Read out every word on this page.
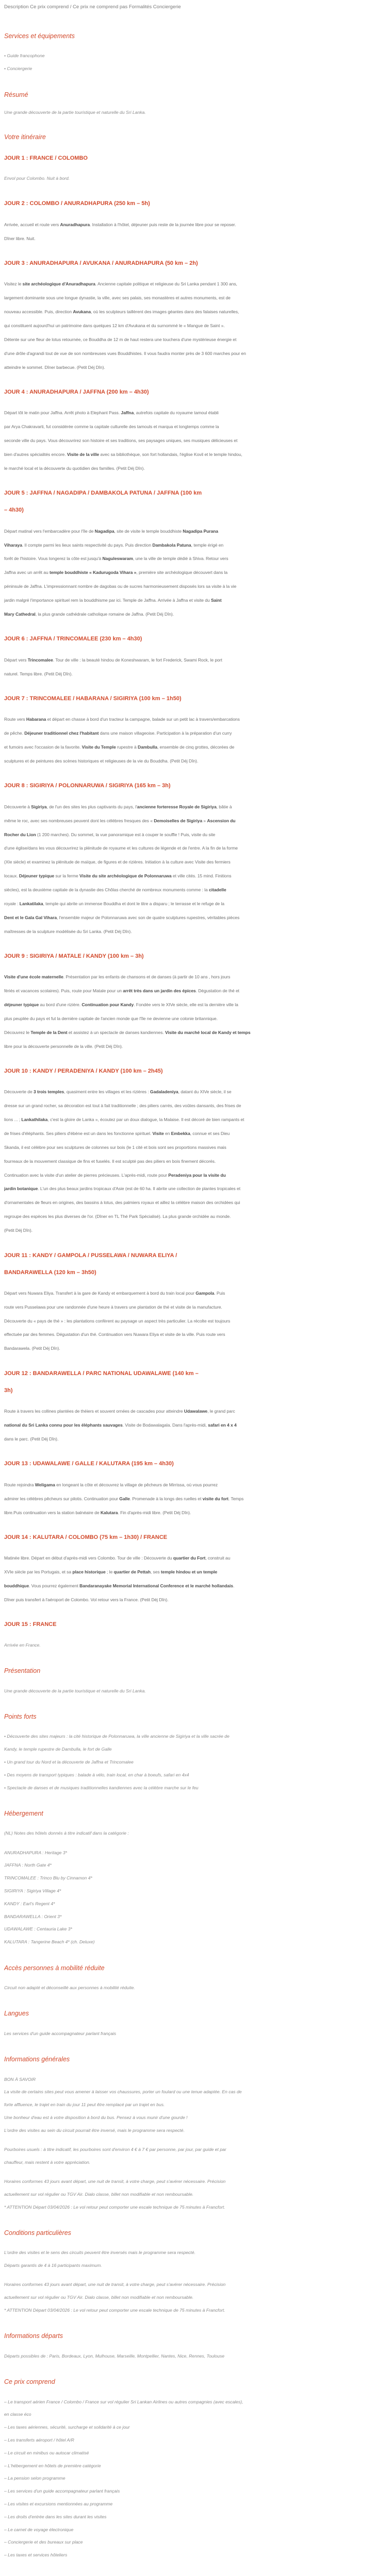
Description Ce prix comprend / Ce prix ne comprend pas Formalités Conciergerie
Services et équipements
• Guide francophone
• Conciergerie
Résumé
Une grande découverte de la partie touristique et naturelle du Sri Lanka.
Votre itinéraire
JOUR 1 : FRANCE / COLOMBO
Envol pour Colombo. Nuit à bord.
JOUR 2 : COLOMBO / ANURADHAPURA (250 km – 5h)
Arrivée, accueil et route vers Anuradhapura. Installation à l'hôtel, déjeuner puis reste de la journée libre pour se reposer.
Dîner libre. Nuit.
JOUR 3 : ANURADHAPURA / AVUKANA / ANURADHAPURA (50 km – 2h)
Visitez le site archéologique d'Anuradhapura. Ancienne capitale politique et religieuse du Sri Lanka pendant 1 300 ans,
largement dominante sous une longue dynastie, la ville, avec ses palais, ses monastères et autres monuments, est de
nouveau accessible. Puis, direction Avukana, où les sculpteurs taillèrent des images géantes dans des falaises naturelles,
qui constituent aujourd'hui un patrimoine dans quelques 12 km d'Avukana et du surnommé le « Mangue de Saint ».
Détente sur une fleur de lotus retournée, ce Bouddha de 12 m de haut restera une touchera d'une mystérieuse énergie et
d'une drôle d'agrandi tout de vue de son nombreuses vues Bouddhistes. Il vous faudra monter près de 3 600 marches pour en
atteindre le sommet. Dîner barbecue. (Petit Déj Dîn).
JOUR 4 : ANURADHAPURA / JAFFNA (200 km – 4h30)
Départ tôt le matin pour Jaffna. Arrêt photo à Elephant Pass. Jaffna, autrefois capitale du royaume tamoul établi
par Arya Chakravarti, fut considérée comme la capitale culturelle des tamouls et marqua et longtemps comme la
seconde ville du pays. Vous découvrirez son histoire et ses traditions, ses paysages uniques, ses musiques délicieuses et
bien d'autres spécialités encore. Visite de la ville avec sa bibliothèque, son fort hollandais, l'église Kovil et le temple hindou,
le marché local et la découverte du quotidien des familles. (Petit Déj Dîn).
JOUR 5 : JAFFNA / NAGADIPA / DAMBAKOLA PATUNA / JAFFNA (100 km
– 4h30)
Départ matinal vers l'embarcadère pour l'île de Nagadipa, site de visite le temple bouddhiste Nagadipa Purana
Viharaya. Il compte parmi les lieux saints respectivité du pays. Puis direction Dambakola Patuna, temple érigé en
forêt de l'histoire. Vous longerez la côte est jusqu'à Naguleswaram, une la ville de temple dédié à Shiva. Retour vers
Jaffna avec un arrêt au temple bouddhiste « Kadurugoda Vihara », première site archéologique découvert dans la
péninsule de Jaffna. L'impressionnant nombre de dagobas ou de sucres harmonieusement disposés lors sa visite à la vie
jardin malgré l'importance spirituel rem la bouddhisme par ici. Temple de Jaffna. Arrivée à Jaffna et visite du Saint
Mary Cathedral, la plus grande cathédrale catholique romaine de Jaffna. (Petit Déj Dîn).
JOUR 6 : JAFFNA / TRINCOMALEE (230 km – 4h30)
Départ vers Trincomalee. Tour de ville : la beauté hindou de Koneshwaram, le fort Frederick, Swami Rock, le port
naturel. Temps libre. (Petit Déj Dîn).
JOUR 7 : TRINCOMALEE / HABARANA / SIGIRIYA (100 km – 1h50)
Route vers Habarana et départ en chasse à bord d'un tracteur la campagne, balade sur un petit lac à travers/embarcations
de pêche. Déjeuner traditionnel chez l'habitant dans une maison villageoise. Participation à la préparation d'un curry
et fumoirs avec l'occasion de la favorite. Visite du Temple rupestre à Dambulla, ensemble de cinq grottes, décorées de
sculptures et de peintures des scènes historiques et religieuses de la vie du Bouddha. (Petit Déj Dîn).
JOUR 8 : SIGIRIYA / POLONNARUWA / SIGIRIYA (165 km – 3h)
Découverte à Sigiriya, de l'un des sites les plus captivants du pays, l'ancienne forteresse Royale de Sigiriya, bâtie à
même le roc, avec ses nombreuses peuvent dont les célèbres fresques des « Demoiselles de Sigiriya » Ascension du
Rocher du Lion (1 200 marches). Du sommet, la vue panoramique est à couper le souffle ! Puis, visite du site
d'une église/dans les vous découvrirez la plénitude de royaume et les cultures de légende et de l'entre. A la fin de la forme
(XIe siècle) et examinez la plénitude de maïque, de figures et de rizières. Initiation à la culture avec Visite des fermiers
locaux. Déjeuner typique sur la ferme Visite du site archéologique de Polonnaruwa et ville cités. 15 mind. Finitions
siècles), est la deuxième capitale de la dynastie des Chôlas cherché de nombreux monuments comme : la citadelle
royale : Lankatilaka, temple qui abrite un immense Bouddha et dont le titre a disparu ; le terrasse et le refuge de la
Dent et le Gala Gal Vihara, l'ensemble majeur de Polonnaruwa avec son de quatre sculptures rupestres, véritables pièces
maîtresses de la sculpture modélisée du Sri Lanka. (Petit Déj Dîn).
JOUR 9 : SIGIRIYA / MATALE / KANDY (100 km – 3h)
Visite d'une école maternelle. Présentation par les enfants de chansons et de danses (à partir de 10 ans , hors jours
fériés et vacances scolaires). Puis, route pour Matale pour un arrêt très dans un jardin des épices. Dégustation de thé et
déjeuner typique au bord d'une rizière. Continuation pour Kandy. Fondée vers le XIVe siècle, elle est la dernière ville la
plus peuplée du pays et fut la dernière capitale de l'ancien monde que l'île ne devienne une colonie britannique.
Découvrez le Temple de la Dent et assistez à un spectacle de danses kandiennes. Visite du marché local de Kandy et temps
libre pour la découverte personnelle de la ville. (Petit Déj Dîn).
JOUR 10 : KANDY / PERADENIYA / KANDY (100 km – 2h45)
Découverte de 3 trois temples, quasiment entre les villages et les rizières : Gadaladeniya, datant du XIVe siècle, il se
dresse sur un grand rocher, sa décoration est tout à fait traditionnelle ; des piliers carrés, des voûtes dansants, des frises de
lions ... ; Lankathilaka, c'est la gloire de Lanka », écoutez par un doux dialogue, la Malaise. Il est décoré de bien rampants et
de frises d'éléphants. Ses piliers d'ébène est un dans les fonctionne spirituel. Visite en Embekka, connue et ses Dieu
Skanda, il est célèbre pour ses sculptures de colonnes sur bois (le 1 cité et bois sont ses proportions massives mais
fourreaux de la mouvement classique de fins et fuselés. Il est sculpté pas des piliers en bois finement décorés.
Continuation avec la visite d'un atelier de pierres précieuses. L'après-midi, route pour Peradeniya pour la visite du
jardin botanique. L'un des plus beaux jardins tropicaux d'Asie (est de 60 ha. Il abrite une collection de plantes tropicales et
d'ornamentales de fleurs en origines, des bassins à lotus, des palmiers royaux et aillez la célèbre maison des orchidées qui
regroupe des espèces les plus diverses de l'or. (Dîner en TL Thé Park Spécialisé). La plus grande orchidée au monde.
(Petit Déj Dîn).
JOUR 11 : KANDY / GAMPOLA / PUSSELAWA / NUWARA ELIYA /
BANDARAWELLA (120 km – 3h50)
Départ vers Nuwara Eliya. Transfert à la gare de Kandy et embarquement à bord du train local pour Gampola. Puis
route vers Pusselawa pour une randonnée d'une heure à travers une plantation de thé et visite de la manufacture.
Découverte du « pays de thé » : les plantations confèrent au paysage un aspect très particulier. La récolte est toujours
effectuée par des femmes. Dégustation d'un thé. Continuation vers Nuwara Eliya et visite de la ville. Puis route vers
Bandarawela. (Petit Déj Dîn).
JOUR 12 : BANDARAWELLA / PARC NATIONAL UDAWALAWE (140 km –
3h)
Route à travers les collines plantées de théiers et souvent ornées de cascades pour atteindre Udawalawe, le grand parc
national du Sri Lanka connu pour les éléphants sauvages. Visite de Bodawalagala. Dans l'après-midi, safari en 4 x 4
dans le parc. (Petit Déj Dîn).
JOUR 13 : UDAWALAWE / GALLE / KALUTARA (195 km – 4h30)
Route rejoindra Weligama en longeant la côte et découvrez la village de pêcheurs de Mirrissa, où vous pourrez
admirer les célèbres pêcheurs sur pilotis. Continuation pour Galle. Promenade à la longs des ruelles et visite du fort. Temps
libre.Puis continuation vers la station balnéaire de Kalutara. Fin d'après-midi libre. (Petit Déj Dîn).
JOUR 14 : KALUTARA / COLOMBO (75 km – 1h30) / FRANCE
Matinée libre. Départ en début d'après-midi vers Colombo. Tour de ville : Découverte du quartier du Fort, construit au
XVIe siècle par les Portugais, et sa place historique ; le quartier de Pettah, ses temple hindou et un temple
bouddhique. Vous pourrez également Bandaranayake Memorial International Conference et le marché hollandais.
Dîner puis transfert à l'aéroport de Colombo. Vol retour vers la France. (Petit Déj Dîn).
JOUR 15 : FRANCE
Arrivée en France.
Présentation
Une grande découverte de la partie touristique et naturelle du Sri Lanka.
Points forts
• Découverte des sites majeurs : la cité historique de Polonnaruwa, la ville ancienne de Sigiriya et la ville sacrée de
Kandy, le temple rupestre de Dambulla, le fort de Galle
• Un grand tour du Nord et la découverte de Jaffna et Trincomalee
• Des moyens de transport typiques : balade à vélo, train local, en char à boeufs, safari en 4x4
• Spectacle de danses et de musiques traditionnelles kandiennes avec la célèbre marche sur le feu
Hébergement
(NL) Notes des hôtels donnés à titre indicatif dans la catégorie :
ANURADHAPURA : Heritage 3*
JAFFNA : North Gate 4*
TRINCOMALEE : Trinco Blu by Cinnamon 4*
SIGIRIYA : Sigiriya Village 4*
KANDY : Earl's Regent 4*
BANDARAWELLA : Orient 3*
UDAWALAWE : Centauria Lake 3*
KALUTARA : Tangerine Beach 4* (ch. Deluxe)
Accès personnes à mobilité réduite
Circuit non adapté et déconseillé aux personnes à mobilité réduite.
Langues
Les services d'un guide accompagnateur parlant français
Informations générales
BON À SAVOIR
La visite de certains sites peut vous amener à laisser vos chaussures, porter un foulard ou une tenue adaptée. En cas de
forte affluence, le trajet en train du jour 11 peut être remplacé par un trajet en bus.
Une bonheur d'eau est à votre disposition à bord du bus. Pensez à vous munir d'une gourde !
L'ordre des visites au sein du circuit pourrait être inversé, mais le programme sera respecté.
Pourboires usuels : à titre indicatif, les pourboires sont d'environ 4 € à 7 € par personne, par jour, par guide et par
chauffeur, mais restent à votre appréciation.
Horaires conformes 43 jours avant départ, une nuit de transit, à votre charge, peut s'avérer nécessaire. Précision
actuellement sur vol régulier ou TGV Air. Dialo classe, billet non modifiable et non remboursable.
* ATTENTION Départ 03/04/2026 : Le vol retour peut comporter une escale technique de 75 minutes à Francfort.
Conditions particulières
L'ordre des visites et le sens des circuits peuvent être inversés mais le programme sera respecté.
Départs garantis de 4 à 16 participants maximum.
Horaires conformes 43 jours avant départ, une nuit de transit, à votre charge, peut s'avérer nécessaire. Précision
actuellement sur vol régulier ou TGV Air. Dialo classe, billet non modifiable et non remboursable.
* ATTENTION Départ 03/04/2026 : Le vol retour peut comporter une escale technique de 75 minutes à Francfort.
Informations départs
Départs possibles de : Paris, Bordeaux, Lyon, Mulhouse, Marseille, Montpellier, Nantes, Nice, Rennes, Toulouse
Ce prix comprend
– Le transport aérien France / Colombo / France sur vol régulier Sri Lankan Airlines ou autres compagnies (avec escales),
en classe éco
– Les taxes aériennes, sécurité, surcharge et solidarité à ce jour
– Les transferts aéroport / hôtel A/R
– Le circuit en minibus ou autocar climatisé
– L'hébergement en hôtels de première catégorie
– La pension selon programme
– Les services d'un guide accompagnateur parlant français
– Les visites et excursions mentionnées au programme
– Les droits d'entrée dans les sites durant les visites
– Le carnet de voyage électronique
– Conciergerie et des bureaux sur place
– Les taxes et services hôteliers
